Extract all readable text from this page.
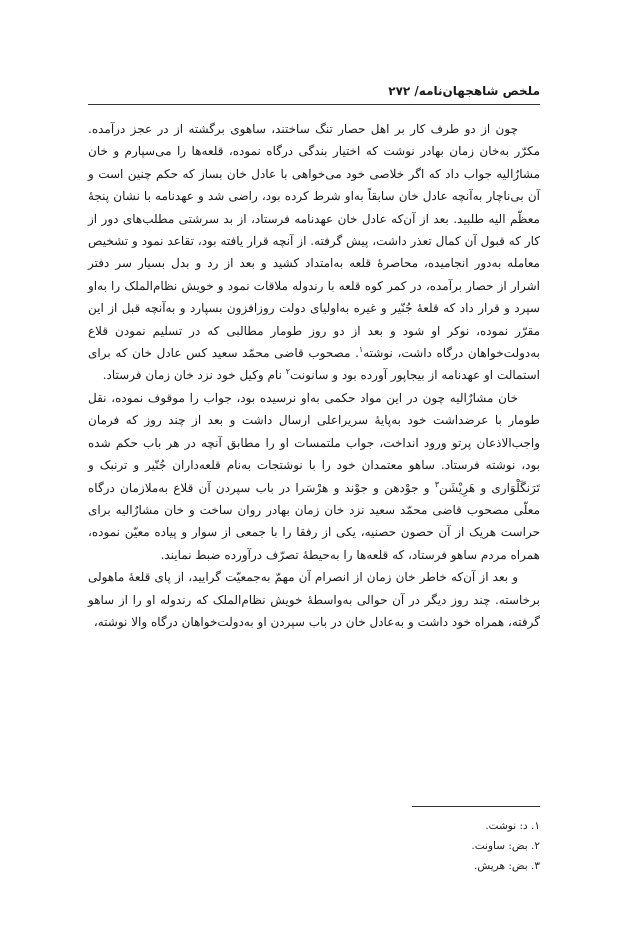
ملخص شاهجهان‌نامه/ ۲۷۲

چون از دو طرف کار بر اهل حصار تنگ ساختند، ساهوی برگشته از در عجز درآمده. مکرّر به‌خان زمان بهادر نوشت که اختیار بندگی درگاه نموده، قلعه‌ها را می‌سپارم و خان مشارٌالیه جواب داد که اگر خلاصی خود می‌خواهی با عادل خان بساز که حکم چنین است و آن بی‌ناچار به‌آنچه عادل خان سابقاً به‌او شرط کرده بود، راضی شد و عهدنامه با نشان پنجهٔ معظّم الیه طلبید. بعد از آن‌که عادل خان عهدنامه فرستاد، از بد سرشتی مطلب‌های دور از کار که قبول آن کمال تعذر داشت، پیش گرفته. از آنچه قرار یافته بود، تقاعد نمود و تشخیص معامله به‌دور انجامیده، محاصرهٔ قلعه به‌امتداد کشید و بعد از رد و بدل بسیار سر دفتر اشرار از حصار برآمده، در کمر کوه قلعه با رندوله ملاقات نمود و خویش نظام‌الملک را به‌او سپرد و قرار داد که قلعهٔ جُنّیر و غیره به‌اولیای دولت روزافزون بسپارد و به‌آنچه قبل از این مقرّر نموده، نوکر او شود و بعد از دو روز طومار مطالبی که در تسلیم نمودن قلاع به‌دولت‌خواهان درگاه داشت، نوشته$^۱$. مصحوب قاضی محمّد سعید کس عادل خان که برای استمالت او عهدنامه از بیجاپور آورده بود و سانونت$^۲$ نام وکیل خود نزد خان زمان فرستاد.

خان مشارٌالیه چون در این مواد حکمی به‌او نرسیده بود، جواب را موقوف نموده، نقل طومار با عرضداشت خود به‌پایهٔ سریراعلی ارسال داشت و بعد از چند روز که فرمان واجب‌الاذعان پرتو ورود انداخت، جواب ملتمسات او را مطابق آنچه در هر باب حکم شده بود، نوشته فرستاد. ساهو معتمدان خود را با نوشتجات به‌نام قلعه‌داران جُنّیر و ترنبک و تَرَنگَلْوَاری و هَرِیْشَن$^۳$ و جوْدهن و جوْند و هرْسَرا در باب سپردن آن قلاع به‌ملازمان درگاه معلّی مصحوب قاضی محمّد سعید نزد خان زمان بهادر روان ساخت و خان مشارٌالیه برای حراست هریک از آن حصون حصنیه، یکی از رفقا را با جمعی از سوار و پیاده معیّن نموده، همراه مردم ساهو فرستاد، که قلعه‌ها را به‌حیطهٔ تصرّف درآورده ضبط نمایند.

و بعد از آن‌که خاطر خان زمان از انصرام آن مهمّ به‌جمعیّت گرایید، از پای قلعهٔ ماهولی برخاسته. چند روز دیگر در آن حوالی به‌واسطهٔ خویش نظام‌الملک که رندوله او را از ساهو گرفته، همراه خود داشت و به‌عادل خان در باب سپردن او به‌دولت‌خواهان درگاه والا نوشته،

۱. د: نوشت.
۲. بض: ساونت.
۳. بض: هریش.
